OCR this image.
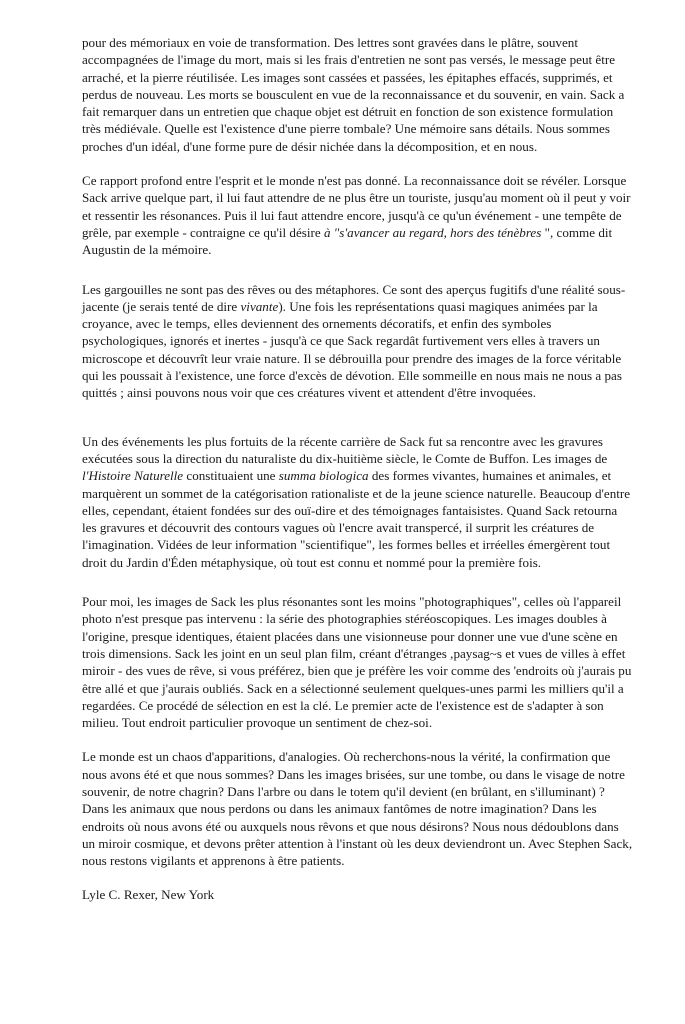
pour des mémoriaux en voie de transformation. Des lettres sont gravées dans le plâtre, souvent accompagnées de l'image du mort, mais si les frais d'entretien ne sont pas versés, le message peut être arraché, et la pierre réutilisée. Les images sont cassées et passées, les épitaphes effacés, supprimés, et perdus de nouveau. Les morts se bousculent en vue de la reconnaissance et du souvenir, en vain. Sack a fait remarquer dans un entretien que chaque objet est détruit en fonction de son existence formulation très médiévale. Quelle est l'existence d'une pierre tombale? Une mémoire sans détails. Nous sommes proches d'un idéal, d'une forme pure de désir nichée dans la décomposition, et en nous.

Ce rapport profond entre l'esprit et le monde n'est pas donné. La reconnaissance doit se révéler. Lorsque Sack arrive quelque part, il lui faut attendre de ne plus être un touriste, jusqu'au moment où il peut y voir et ressentir les résonances. Puis il lui faut attendre encore, jusqu'à ce qu'un événement - une tempête de grêle, par exemple - contraigne ce qu'il désire à "s'avancer au regard, hors des ténèbres ", comme dit Augustin de la mémoire.

Les gargouilles ne sont pas des rêves ou des métaphores. Ce sont des aperçus fugitifs d'une réalité sous-jacente (je serais tenté de dire vivante). Une fois les représentations quasi magiques animées par la croyance, avec le temps, elles deviennent des ornements décoratifs, et enfin des symboles psychologiques, ignorés et inertes - jusqu'à ce que Sack regardât furtivement vers elles à travers un microscope et découvrît leur vraie nature. Il se débrouilla pour prendre des images de la force véritable qui les poussait à l'existence, une force d'excès de dévotion. Elle sommeille en nous mais ne nous a pas quittés ; ainsi pouvons nous voir que ces créatures vivent et attendent d'être invoquées.

Un des événements les plus fortuits de la récente carrière de Sack fut sa rencontre avec les gravures exécutées sous la direction du naturaliste du dix-huitième siècle, le Comte de Buffon. Les images de l'Histoire Naturelle constituaient une summa biologica des formes vivantes, humaines et animales, et marquèrent un sommet de la catégorisation rationaliste et de la jeune science naturelle. Beaucoup d'entre elles, cependant, étaient fondées sur des ouï-dire et des témoignages fantaisistes. Quand Sack retourna les gravures et découvrit des contours vagues où l'encre avait transpercé, il surprit les créatures de l'imagination. Vidées de leur information "scientifique", les formes belles et irréelles émergèrent tout droit du Jardin d'Éden métaphysique, où tout est connu et nommé pour la première fois.

Pour moi, les images de Sack les plus résonantes sont les moins "photographiques", celles où l'appareil photo n'est presque pas intervenu : la série des photographies stéréoscopiques. Les images doubles à l'origine, presque identiques, étaient placées dans une visionneuse pour donner une vue d'une scène en trois dimensions. Sack les joint en un seul plan film, créant d'étranges ,paysag~s et vues de villes à effet miroir - des vues de rêve, si vous préférez, bien que je préfère les voir comme des 'endroits où j'aurais pu être allé et que j'aurais oubliés. Sack en a sélectionné seulement quelques-unes parmi les milliers qu'il a regardées. Ce procédé de sélection en est la clé. Le premier acte de l'existence est de s'adapter à son milieu. Tout endroit particulier provoque un sentiment de chez-soi.

Le monde est un chaos d'apparitions, d'analogies. Où recherchons-nous la vérité, la confirmation que nous avons été et que nous sommes? Dans les images brisées, sur une tombe, ou dans le visage de notre souvenir, de notre chagrin? Dans l'arbre ou dans le totem qu'il devient (en brûlant, en s'illuminant) ? Dans les animaux que nous perdons ou dans les animaux fantômes de notre imagination? Dans les endroits où nous avons été ou auxquels nous rêvons et que nous désirons? Nous nous dédoublons dans un miroir cosmique, et devons prêter attention à l'instant où les deux deviendront un. Avec Stephen Sack, nous restons vigilants et apprenons à être patients.

Lyle C. Rexer, New York
